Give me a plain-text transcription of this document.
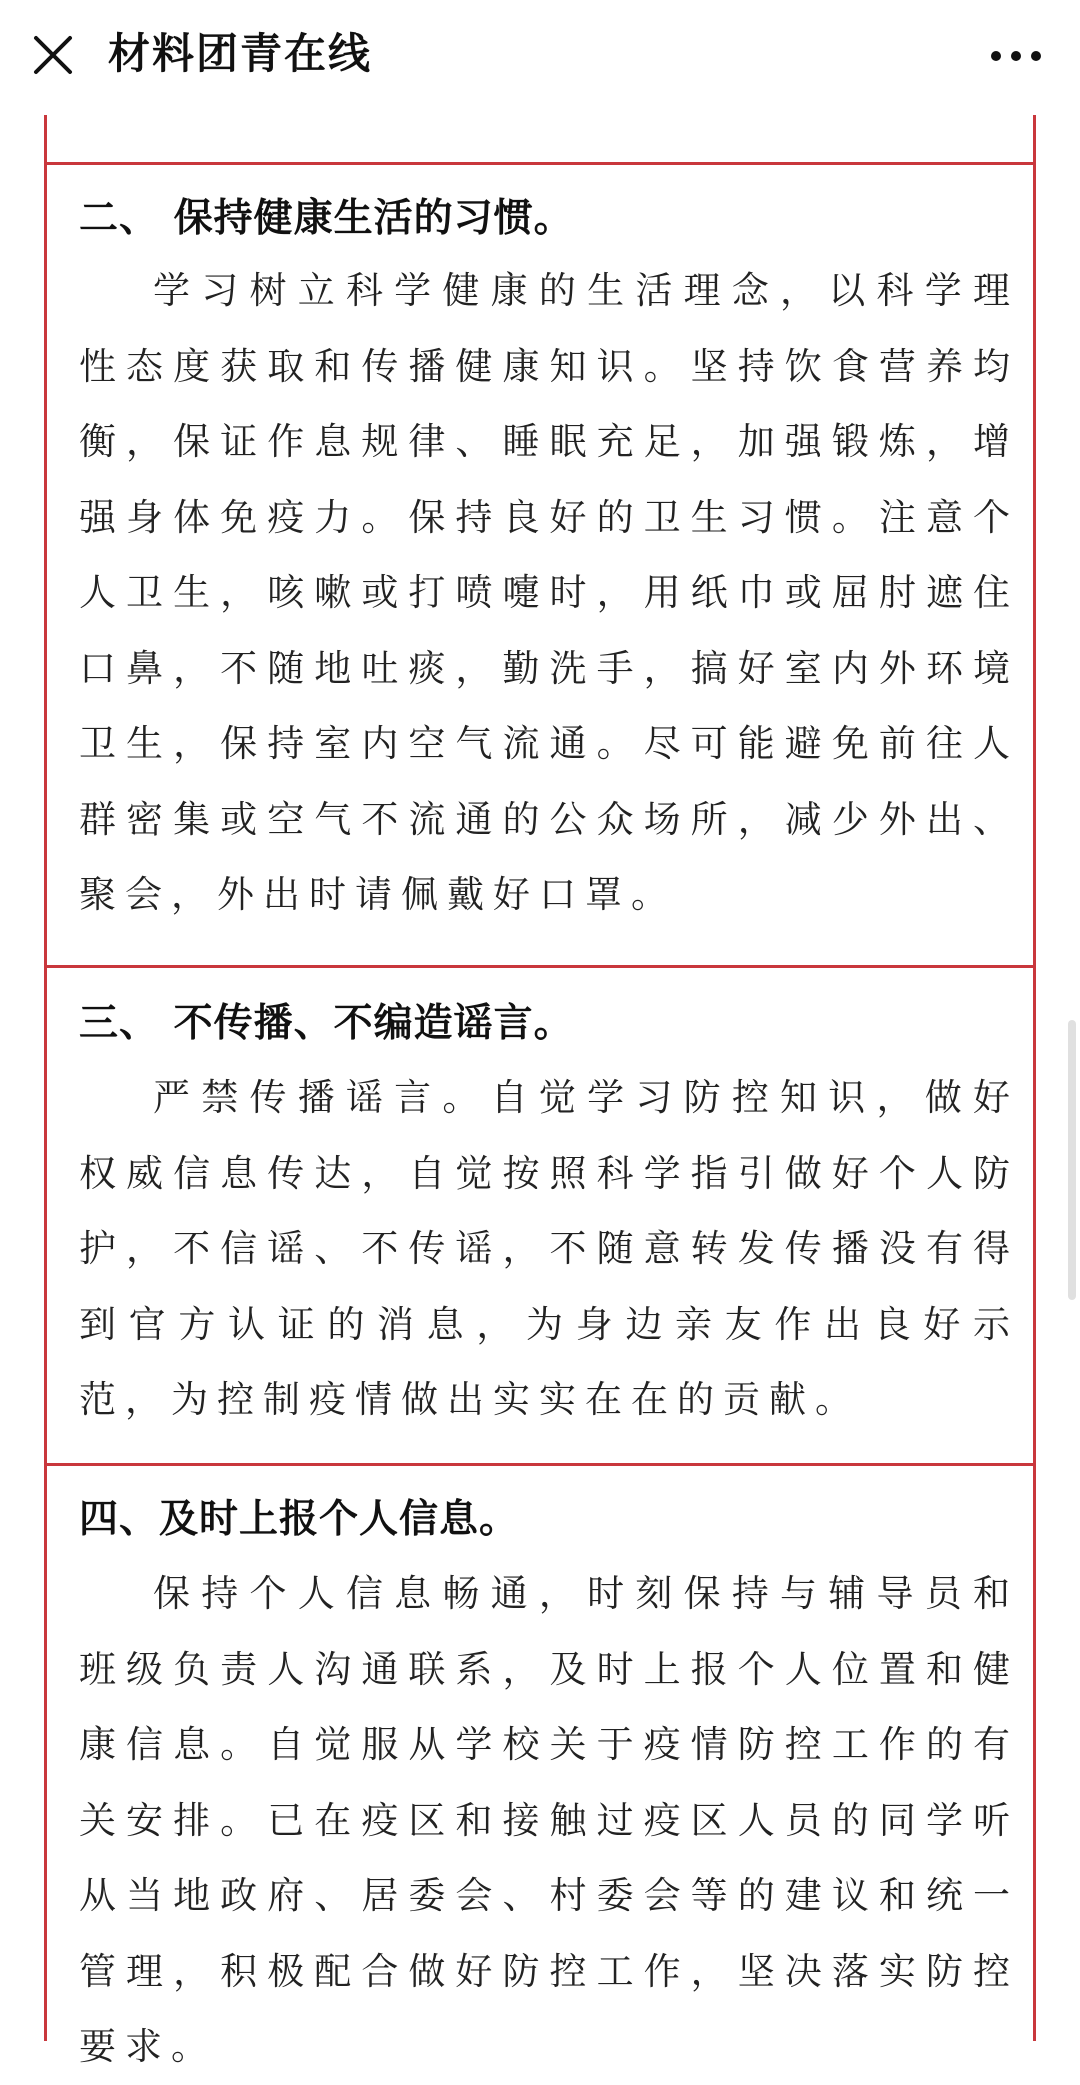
材料团青在线
二、 保持健康生活的习惯。
学习树立科学健康的生活理念，以科学理性态度获取和传播健康知识。坚持饮食营养均衡，保证作息规律、睡眠充足，加强锻炼，增强身体免疫力。保持良好的卫生习惯。注意个人卫生，咳嗽或打喷嚏时，用纸巾或屈肘遮住口鼻，不随地吐痰，勤洗手，搞好室内外环境卫生，保持室内空气流通。尽可能避免前往人群密集或空气不流通的公众场所，减少外出、聚会，外出时请佩戴好口罩。
三、 不传播、不编造谣言。
严禁传播谣言。自觉学习防控知识，做好权威信息传达，自觉按照科学指引做好个人防护，不信谣、不传谣，不随意转发传播没有得到官方认证的消息，为身边亲友作出良好示范，为控制疫情做出实实在在的贡献。
四、及时上报个人信息。
保持个人信息畅通，时刻保持与辅导员和班级负责人沟通联系，及时上报个人位置和健康信息。自觉服从学校关于疫情防控工作的有关安排。已在疫区和接触过疫区人员的同学听从当地政府、居委会、村委会等的建议和统一管理，积极配合做好防控工作，坚决落实防控要求。
